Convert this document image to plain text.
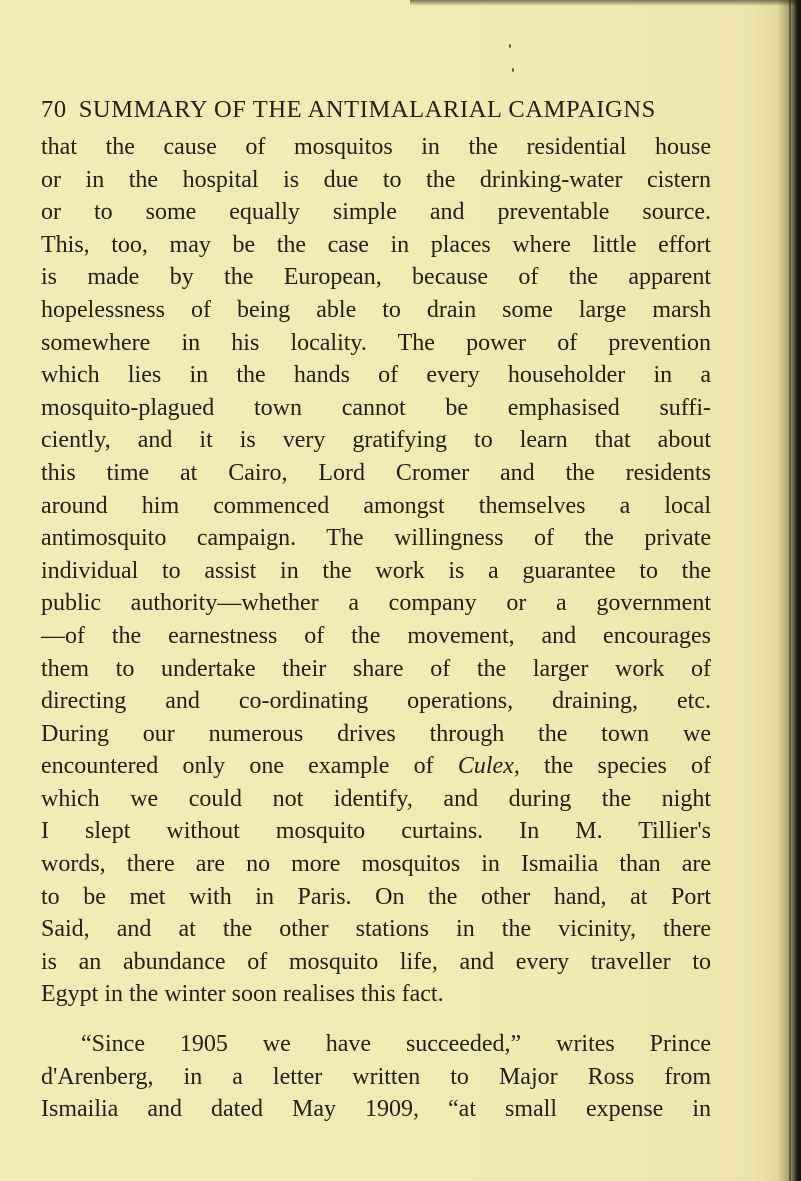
70 SUMMARY OF THE ANTIMALARIAL CAMPAIGNS
that the cause of mosquitos in the residential house
or in the hospital is due to the drinking-water cistern
or to some equally simple and preventable source.
This, too, may be the case in places where little effort
is made by the European, because of the apparent
hopelessness of being able to drain some large marsh
somewhere in his locality. The power of prevention
which lies in the hands of every householder in a
mosquito-plagued town cannot be emphasised suffi-
ciently, and it is very gratifying to learn that about
this time at Cairo, Lord Cromer and the residents
around him commenced amongst themselves a local
antimosquito campaign. The willingness of the private
individual to assist in the work is a guarantee to the
public authority—whether a company or a government
—of the earnestness of the movement, and encourages
them to undertake their share of the larger work of
directing and co-ordinating operations, draining, etc.
During our numerous drives through the town we
encountered only one example of Culex, the species of
which we could not identify, and during the night
I slept without mosquito curtains. In M. Tillier's
words, there are no more mosquitos in Ismailia than are
to be met with in Paris. On the other hand, at Port
Said, and at the other stations in the vicinity, there
is an abundance of mosquito life, and every traveller to
Egypt in the winter soon realises this fact.
“Since 1905 we have succeeded,” writes Prince
d'Arenberg, in a letter written to Major Ross from
Ismailia and dated May 1909, “at small expense in
